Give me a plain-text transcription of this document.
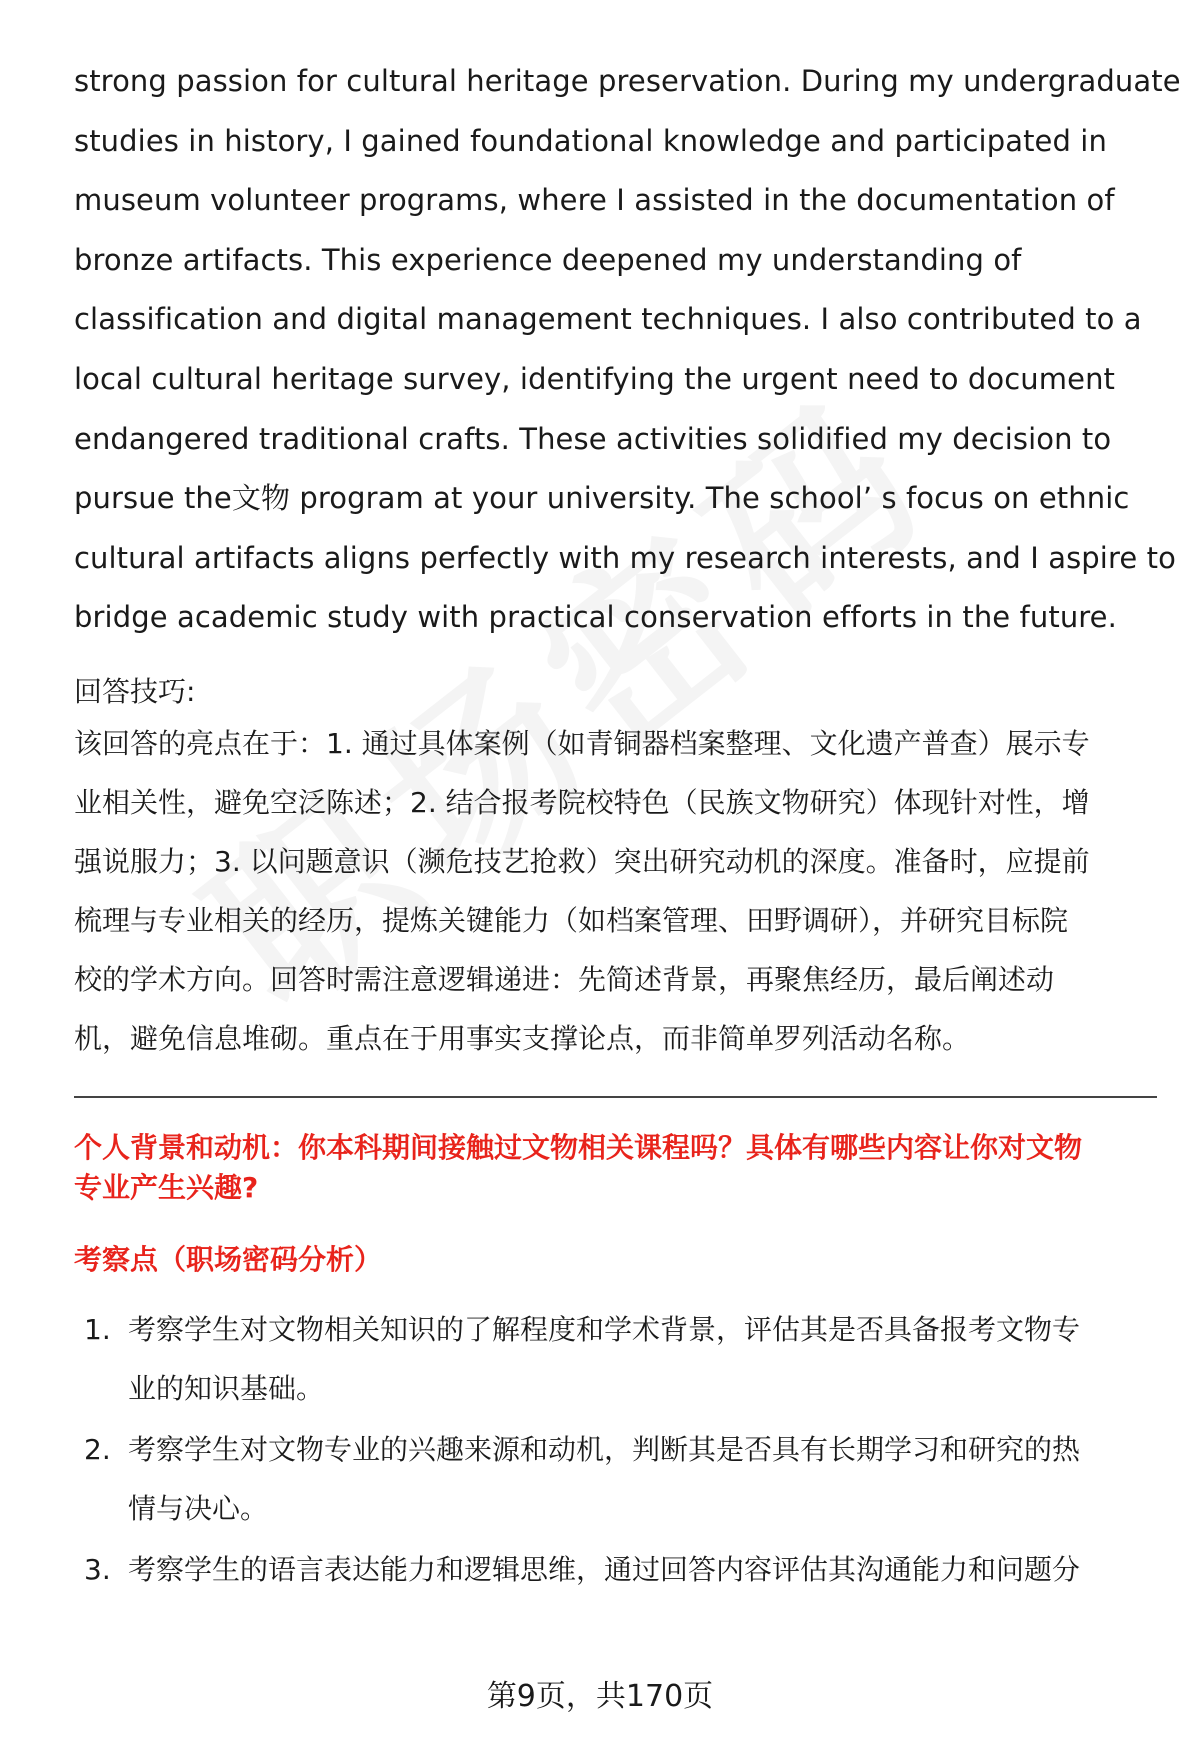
strong passion for cultural heritage preservation. During my undergraduate
studies in history, I gained foundational knowledge and participated in
museum volunteer programs, where I assisted in the documentation of
bronze artifacts. This experience deepened my understanding of
classification and digital management techniques. I also contributed to a
local cultural heritage survey, identifying the urgent need to document
endangered traditional crafts. These activities solidified my decision to
pursue the文物 program at your university. The school’ s focus on ethnic
cultural artifacts aligns perfectly with my research interests, and I aspire to
bridge academic study with practical conservation efforts in the future.
回答技巧:
该回答的亮点在于：1. 通过具体案例（如青铜器档案整理、文化遗产普查）展示专
业相关性，避免空泛陈述；2. 结合报考院校特色（民族文物研究）体现针对性，增
强说服力；3. 以问题意识（濒危技艺抢救）突出研究动机的深度。准备时，应提前
梳理与专业相关的经历，提炼关键能力（如档案管理、田野调研），并研究目标院
校的学术方向。回答时需注意逻辑递进：先简述背景，再聚焦经历，最后阐述动
机，避免信息堆砌。重点在于用事实支撑论点，而非简单罗列活动名称。
个人背景和动机：你本科期间接触过文物相关课程吗？具体有哪些内容让你对文物
专业产生兴趣?
考察点（职场密码分析）
1. 考察学生对文物相关知识的了解程度和学术背景，评估其是否具备报考文物专
业的知识基础。
2. 考察学生对文物专业的兴趣来源和动机，判断其是否具有长期学习和研究的热
情与决心。
3. 考察学生的语言表达能力和逻辑思维，通过回答内容评估其沟通能力和问题分
第9页，共170页
